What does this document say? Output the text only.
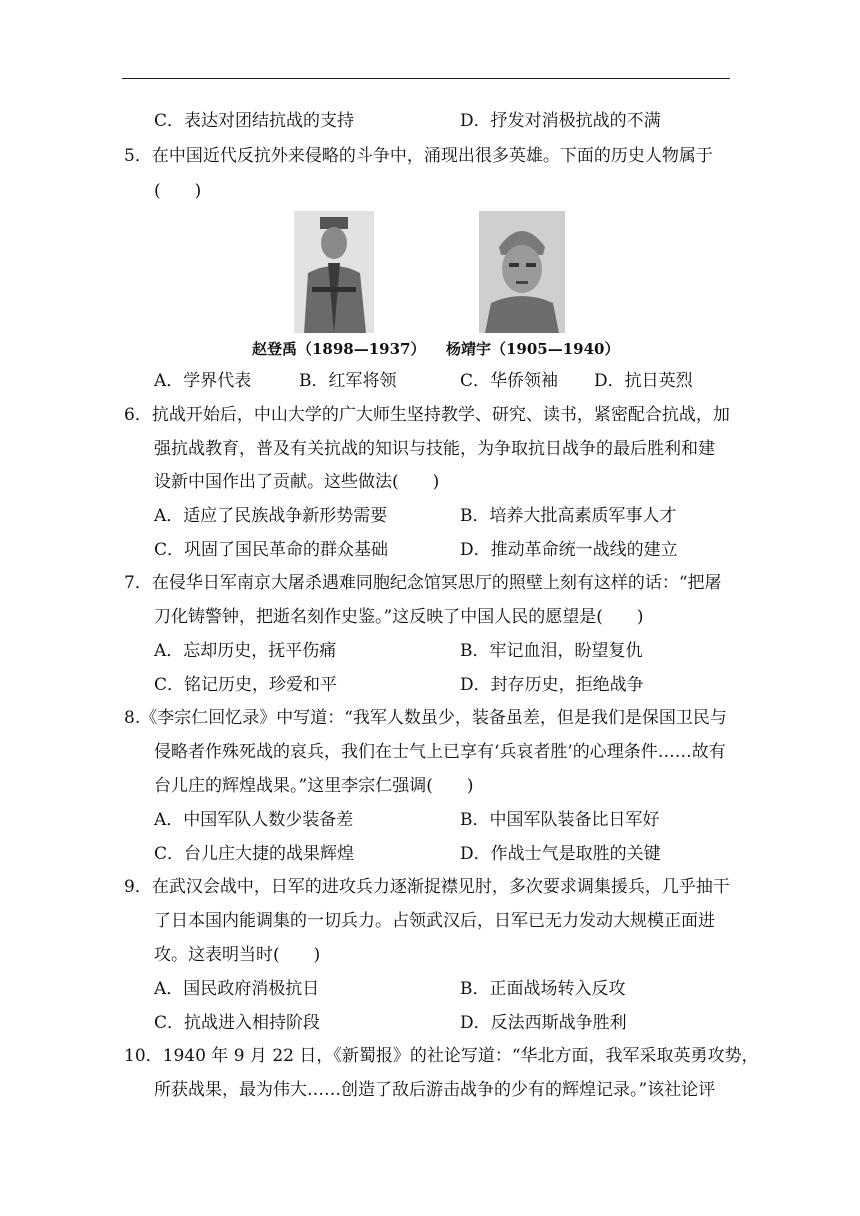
C．表达对团结抗战的支持	D．抒发对消极抗战的不满
5．在中国近代反抗外来侵略的斗争中，涌现出很多英雄。下面的历史人物属于
(　　)
赵登禹（1898—1937） 杨靖宇（1905—1940）
A．学界代表	B．红军将领	C．华侨领袖 D．抗日英烈
6．抗战开始后，中山大学的广大师生坚持教学、研究、读书，紧密配合抗战，加
强抗战教育，普及有关抗战的知识与技能，为争取抗日战争的最后胜利和建
设新中国作出了贡献。这些做法(　　)
A．适应了民族战争新形势需要	B．培养大批高素质军事人才
C．巩固了国民革命的群众基础	D．推动革命统一战线的建立
7．在侵华日军南京大屠杀遇难同胞纪念馆冥思厅的照壁上刻有这样的话：“把屠
刀化铸警钟，把逝名刻作史鉴。”这反映了中国人民的愿望是(　　)
A．忘却历史，抚平伤痛	B．牢记血泪，盼望复仇
C．铭记历史，珍爱和平	D．封存历史，拒绝战争
8.《李宗仁回忆录》中写道：“我军人数虽少，装备虽差，但是我们是保国卫民与
侵略者作殊死战的哀兵，我们在士气上已享有‘兵哀者胜’的心理条件……故有
台儿庄的辉煌战果。”这里李宗仁强调(　　)
A．中国军队人数少装备差	B．中国军队装备比日军好
C．台儿庄大捷的战果辉煌	D．作战士气是取胜的关键
9．在武汉会战中，日军的进攻兵力逐渐捉襟见肘，多次要求调集援兵，几乎抽干
了日本国内能调集的一切兵力。占领武汉后，日军已无力发动大规模正面进
攻。这表明当时(　　)
A．国民政府消极抗日	B．正面战场转入反攻
C．抗战进入相持阶段	D．反法西斯战争胜利
10．1940 年 9 月 22 日，《新蜀报》的社论写道：“华北方面，我军采取英勇攻势，
所获战果，最为伟大……创造了敌后游击战争的少有的辉煌记录。”该社论评
